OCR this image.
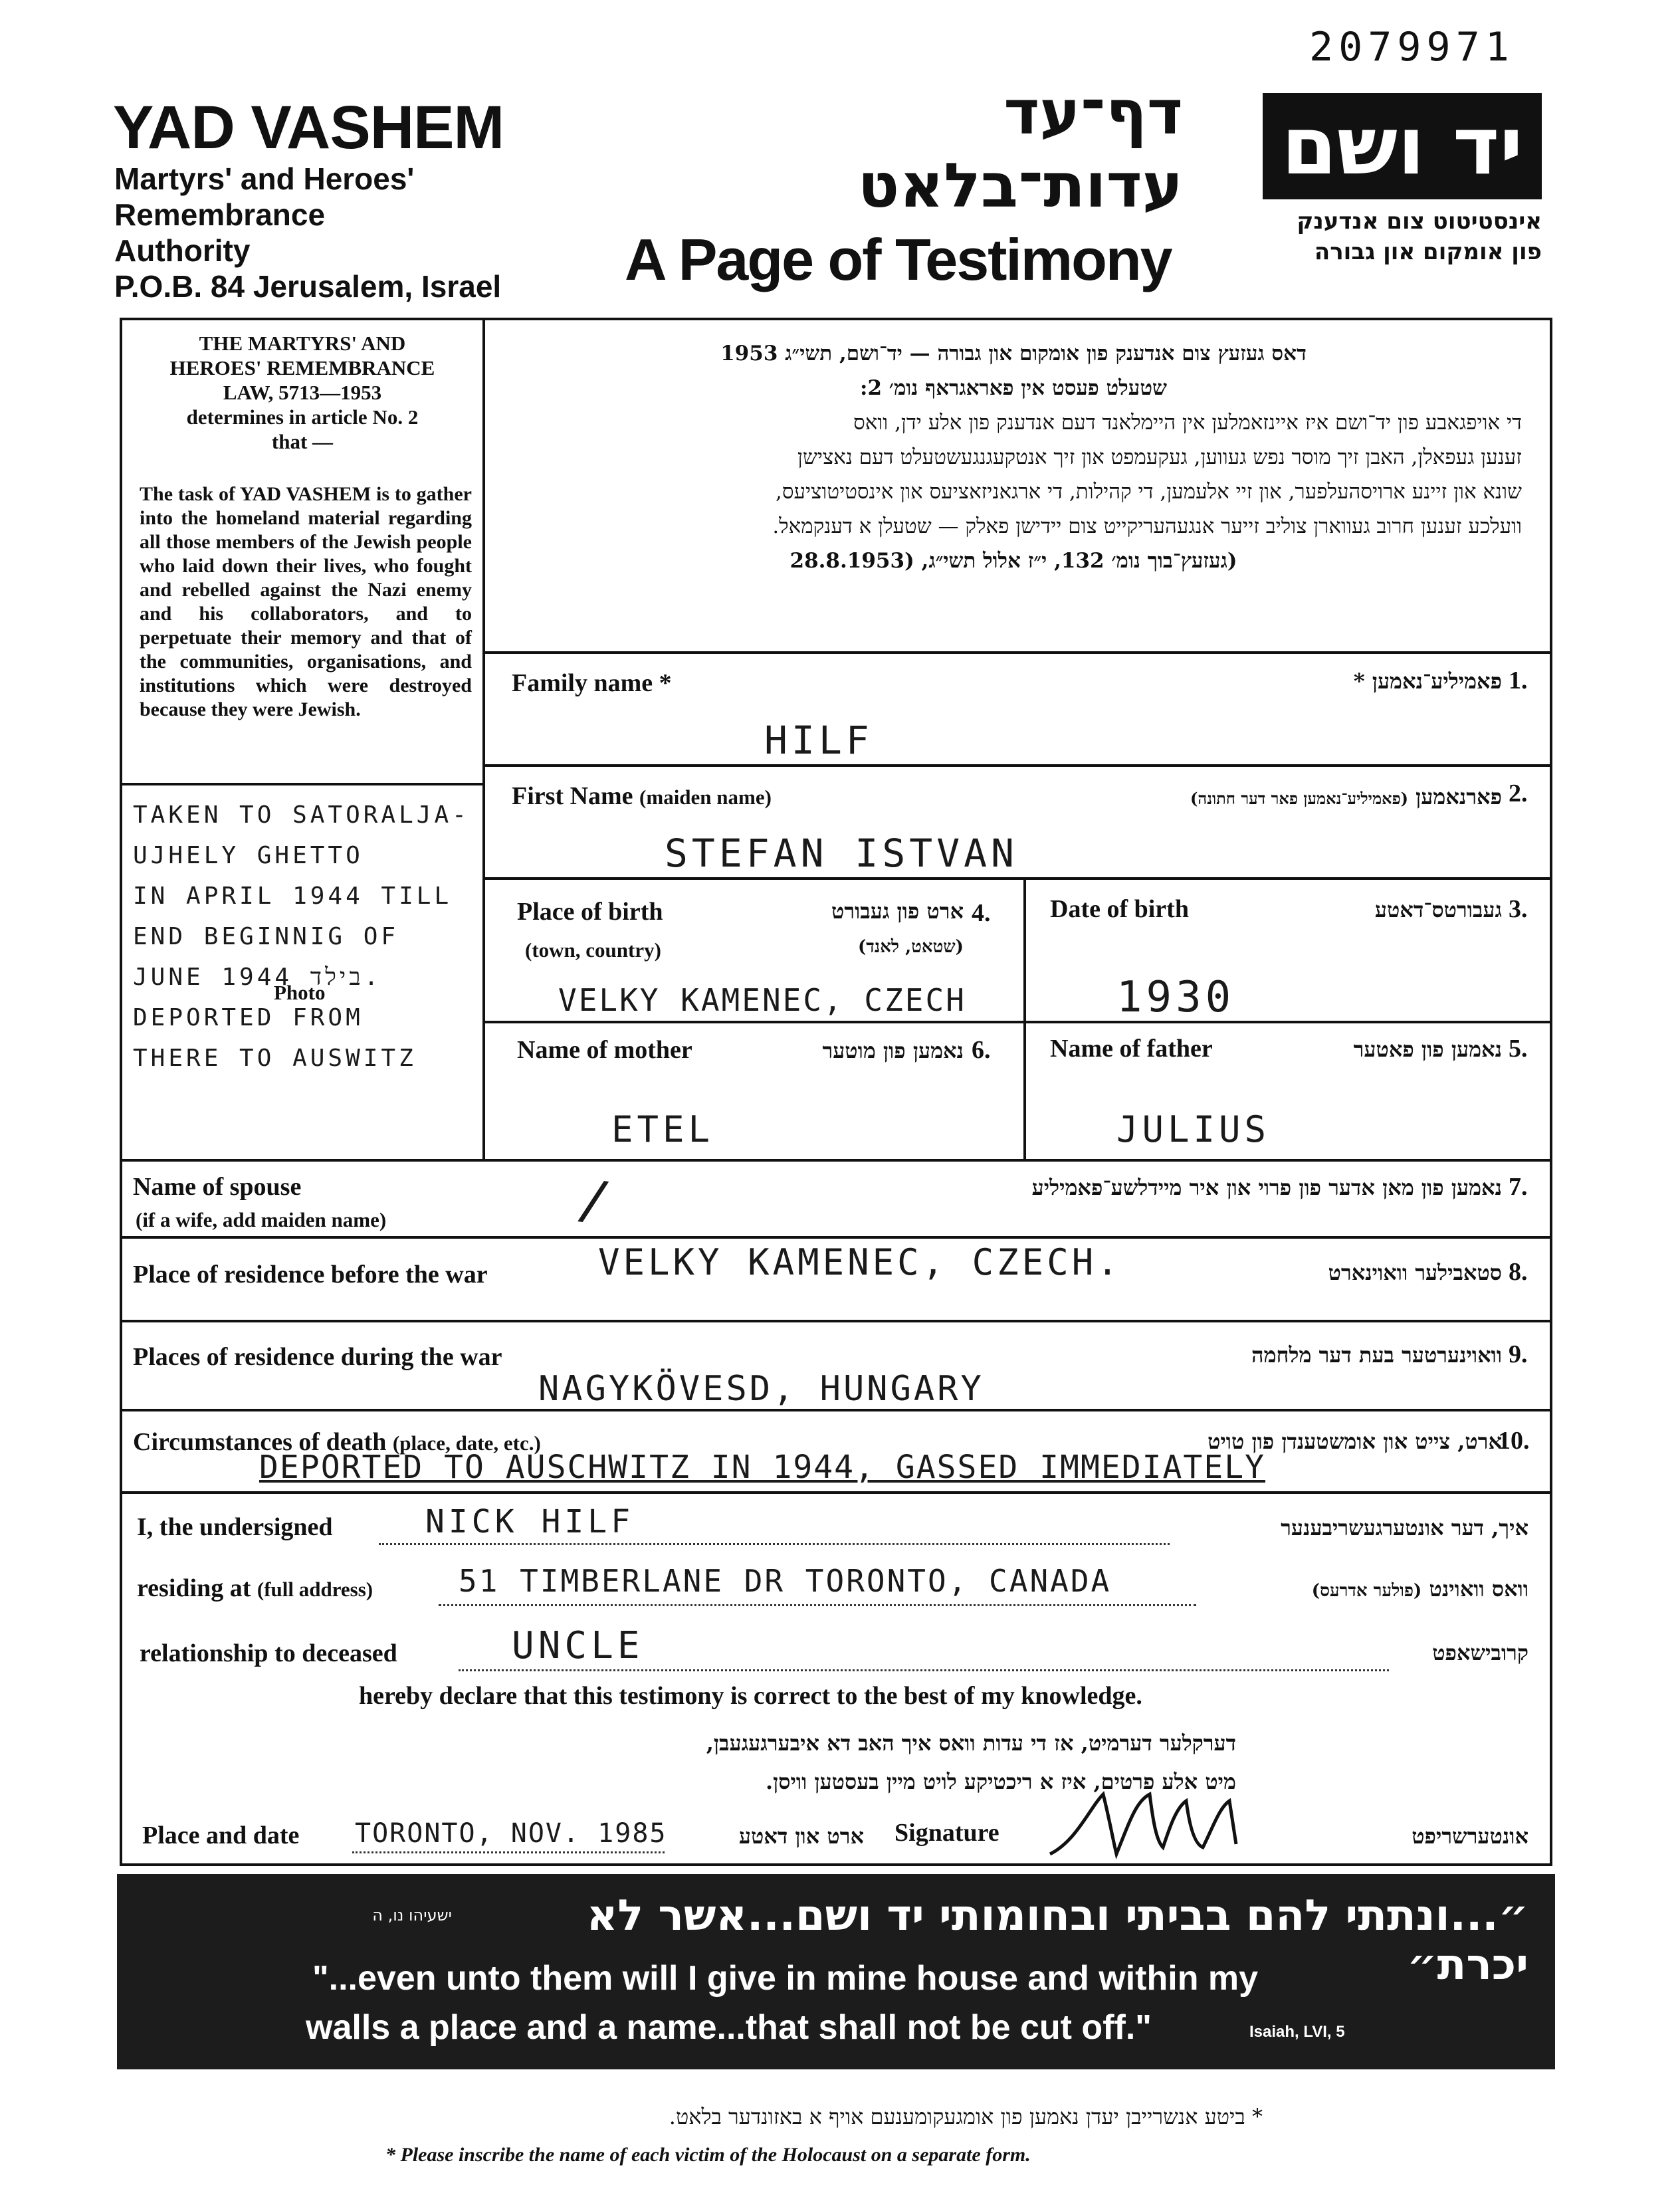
2079971
YAD VASHEM
Martyrs' and Heroes'
Remembrance
Authority
P.O.B. 84 Jerusalem, Israel
דף־עד
עדות־בלאט
A Page of Testimony
יד ושם
אינסטיטוט צום אנדענק
פון אומקום און גבורה
THE MARTYRS' AND
HEROES' REMEMBRANCE
LAW, 5713—1953
determines in article No. 2
that —
The task of YAD VASHEM is to gather into the homeland material regarding all those members of the Jewish people who laid down their lives, who fought and rebelled against the Nazi enemy and his collaborators, and to perpetuate their memory and that of the communities, organisations, and institutions which were destroyed because they were Jewish.
דאס געזעץ צום אנדענק פון אומקום און גבורה — יד־ושם, תשי״ג 1953
שטעלט פעסט אין פאראגראף נומ׳ 2:
די אויפגאבע פון יד־ושם איז איינזאמלען אין היימלאנד דעם אנדענק פון אלע ידן, וואס
זענען געפאלן, האבן זיך מוסר נפש געווען, געקעמפט און זיך אנטקעגנגעשטעלט דעם נאצישן
שונא און זיינע ארויסהעלפער, און זיי אלעמען, די קהילות, די ארגאניזאציעס און אינסטיטוציעס,
וועלכע זענען חרוב געווארן צוליב זייער אנגעהעריקייט צום יידישן פאלק — שטעלן א דענקמאל.
(געזעץ־בוך נומ׳ 132, י״ז אלול תשי״ג, (28.8.1953
TAKEN TO SATORALJA-
UJHELY GHETTO
IN APRIL 1944 TILL
END BEGINNIG OF
JUNE בילד 1944.
DEPORTED FROM
THERE TO AUSWITZ
Photo
Family name *	פאמיליע־נאמען * 1.
HILF
First Name (maiden name)	פארנאמען (פאמיליע־נאמען פאר דער חתונה)	2.
STEFAN ISTVAN
Place of birth
(town, country)
ארט פון געבורט
(שטאט, לאנד)
4.
VELKY KAMENEC, CZECH
Date of birth	געבורטס־דאטע 3.
1930
Name of mother	נאמען פון מוטער 6.
ETEL
Name of father	נאמען פון פאטער 5.
JULIUS
Name of spouse
(if a wife, add maiden name)
נאמען פון מאן אדער פון פרוי און איר מיידלשע־פאמיליע 7.
/
Place of residence before the war	סטאבילער וואוינארט 8.
VELKY KAMENEC, CZECH.
Places of residence during the war	וואוינערטער בעת דער מלחמה 9.
NAGYKÖVESD, HUNGARY
Circumstances of death (place, date, etc.)	ארט, צייט און אומשטענדן פון טויט
10.
DEPORTED TO AUSCHWITZ IN 1944, GASSED IMMEDIATELY
I, the undersigned	NICK HILF	איך, דער אונטערגעשריבענער
residing at (full address)	51 TIMBERLANE DR TORONTO, CANADA	וואס וואוינט (פולער אדרעס)
relationship to deceased	UNCLE	קרובישאפט
hereby declare that this testimony is correct to the best of my knowledge.
דערקלער דערמיט, אז די עדות וואס איך האב דא איבערגעגעבן,
מיט אלע פרטים, איז א ריכטיקע לויט מיין בעסטען וויסן.
Place and date TORONTO, NOV. 1985	ארט און דאטע Signature	אונטערשריפט
״...ונתתי להם בביתי ובחומותי יד ושם...אשר לא יכרת״
ישעיהו נו, ה
"...even unto them will I give in mine house and within my
walls a place and a name...that shall not be cut off."	Isaiah, LVI, 5
* ביטע אנשרייבן יעדן נאמען פון אומגעקומענעם אויף א באזונדער בלאט.
* Please inscribe the name of each victim of the Holocaust on a separate form.
